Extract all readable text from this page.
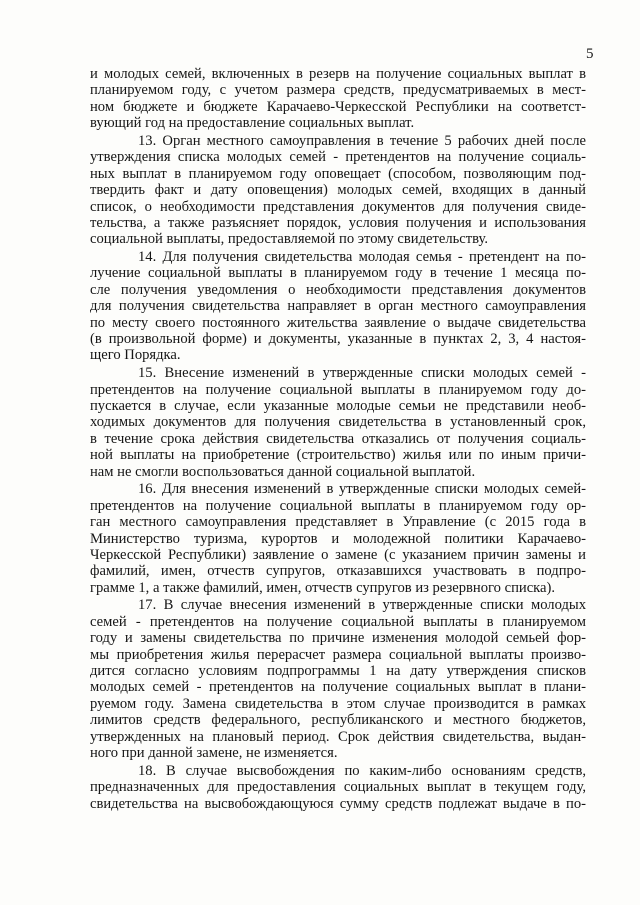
5
и молодых семей, включенных в резерв на получение социальных выплат в
планируемом году, с учетом размера средств, предусматриваемых в мест-
ном бюджете и бюджете Карачаево-Черкесской Республики на соответст-
вующий год на предоставление социальных выплат.
13. Орган местного самоуправления в течение 5 рабочих дней после
утверждения списка молодых семей - претендентов на получение социаль-
ных выплат в планируемом году оповещает (способом, позволяющим под-
твердить факт и дату оповещения) молодых семей, входящих в данный
список, о необходимости представления документов для получения свиде-
тельства, а также разъясняет порядок, условия получения и использования
социальной выплаты, предоставляемой по этому свидетельству.
14. Для получения свидетельства молодая семья - претендент на по-
лучение социальной выплаты в планируемом году в течение 1 месяца по-
сле получения уведомления о необходимости представления документов
для получения свидетельства направляет в орган местного самоуправления
по месту своего постоянного жительства заявление о выдаче свидетельства
(в произвольной форме) и документы, указанные в пунктах 2, 3, 4 настоя-
щего Порядка.
15. Внесение изменений в утвержденные списки молодых семей -
претендентов на получение социальной выплаты в планируемом году до-
пускается в случае, если указанные молодые семьи не представили необ-
ходимых документов для получения свидетельства в установленный срок,
в течение срока действия свидетельства отказались от получения социаль-
ной выплаты на приобретение (строительство) жилья или по иным причи-
нам не смогли воспользоваться данной социальной выплатой.
16. Для внесения изменений в утвержденные списки молодых семей-
претендентов на получение социальной выплаты в планируемом году ор-
ган местного самоуправления представляет в Управление (с 2015 года в
Министерство туризма, курортов и молодежной политики Карачаево-
Черкесской Республики) заявление о замене (с указанием причин замены и
фамилий, имен, отчеств супругов, отказавшихся участвовать в подпро-
грамме 1, а также фамилий, имен, отчеств супругов из резервного списка).
17. В случае внесения изменений в утвержденные списки молодых
семей - претендентов на получение социальной выплаты в планируемом
году и замены свидетельства по причине изменения молодой семьей фор-
мы приобретения жилья перерасчет размера социальной выплаты произво-
дится согласно условиям подпрограммы 1 на дату утверждения списков
молодых семей - претендентов на получение социальных выплат в плани-
руемом году. Замена свидетельства в этом случае производится в рамках
лимитов средств федерального, республиканского и местного бюджетов,
утвержденных на плановый период. Срок действия свидетельства, выдан-
ного при данной замене, не изменяется.
18. В случае высвобождения по каким-либо основаниям средств,
предназначенных для предоставления социальных выплат в текущем году,
свидетельства на высвобождающуюся сумму средств подлежат выдаче в по-
